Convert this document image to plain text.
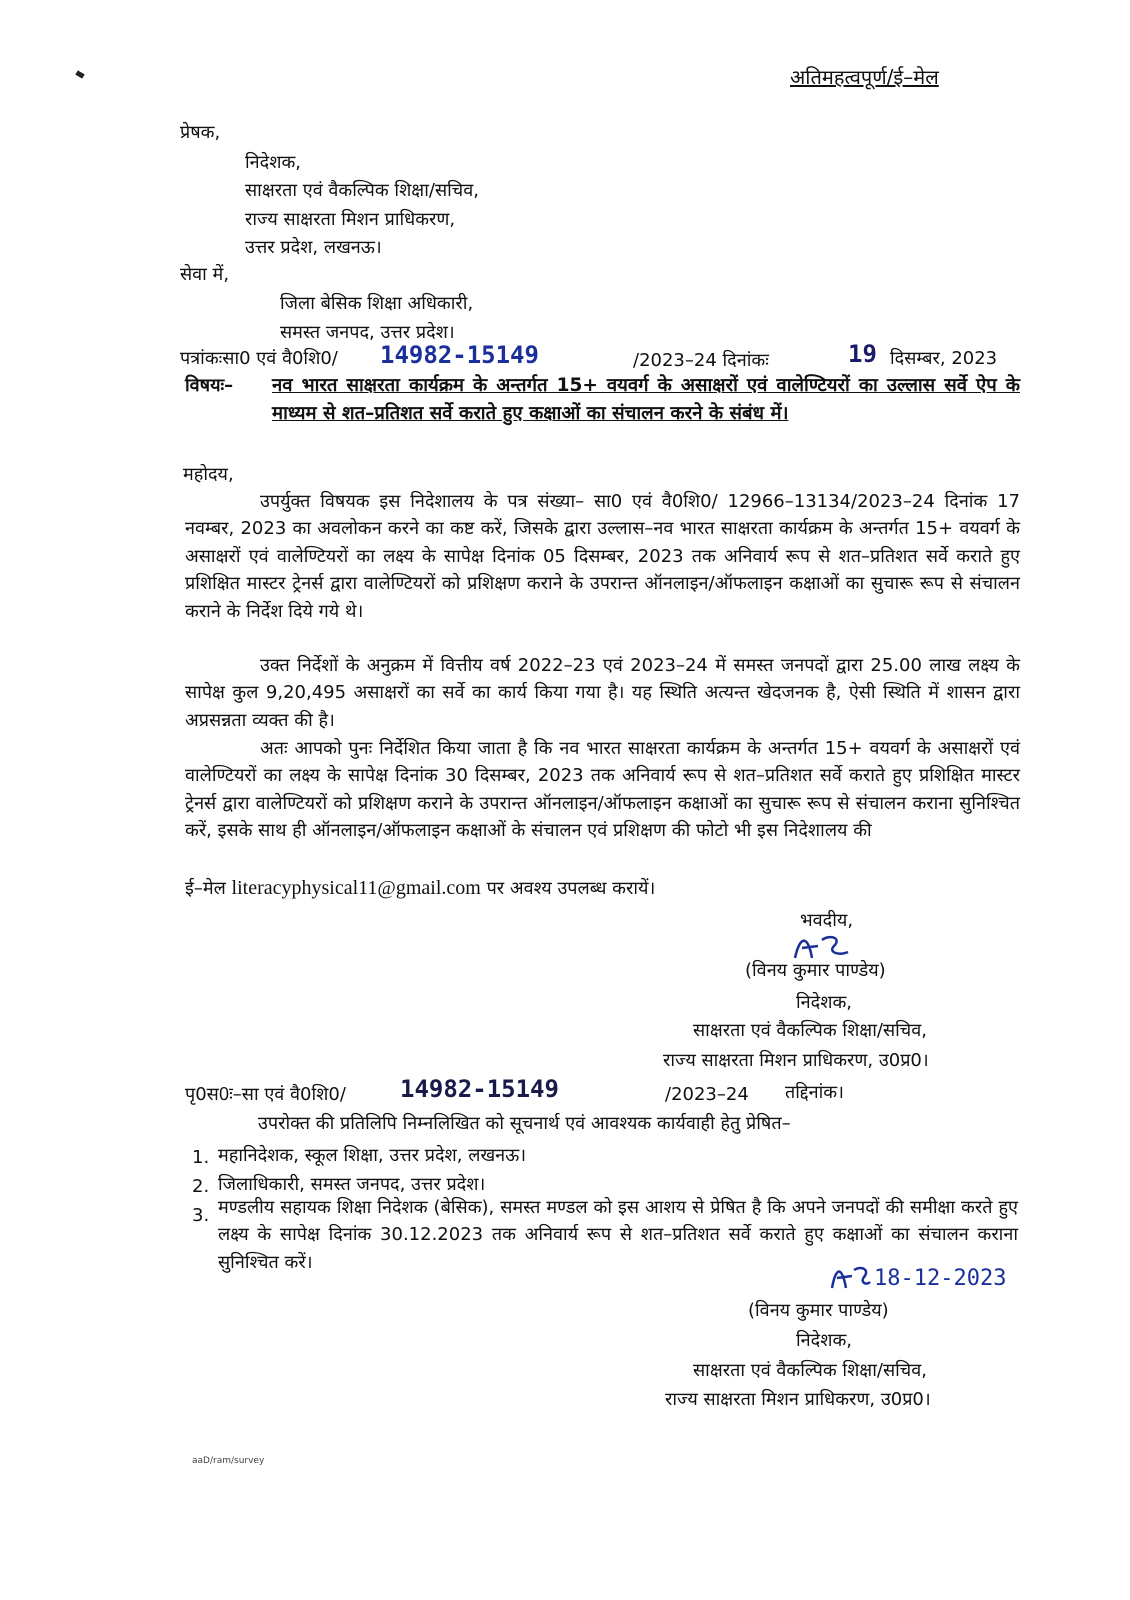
अतिमहत्वपूर्ण/ई–मेल
प्रेषक,
निदेशक,
साक्षरता एवं वैकल्पिक शिक्षा/सचिव,
राज्य साक्षरता मिशन प्राधिकरण,
उत्तर प्रदेश, लखनऊ।
सेवा में,
जिला बेसिक शिक्षा अधिकारी,
समस्त जनपद, उत्तर प्रदेश।
पत्रांकःसा0 एवं वै0शि0/ 14982-15149	/2023–24 दिनांकः	19 दिसम्बर, 2023
विषयः– नव भारत साक्षरता कार्यक्रम के अन्तर्गत 15+ वयवर्ग के असाक्षरों एवं वालेण्टियरों का उल्लास सर्वे ऐप के माध्यम से शत–प्रतिशत सर्वे कराते हुए कक्षाओं का संचालन करने के संबंध में।
महोदय,

उपर्युक्त विषयक इस निदेशालय के पत्र संख्या– सा0 एवं वै0शि0/ 12966–13134/2023–24 दिनांक 17 नवम्बर, 2023 का अवलोकन करने का कष्ट करें, जिसके द्वारा उल्लास–नव भारत साक्षरता कार्यक्रम के अन्तर्गत 15+ वयवर्ग के असाक्षरों एवं वालेण्टियरों का लक्ष्य के सापेक्ष दिनांक 05 दिसम्बर, 2023 तक अनिवार्य रूप से शत–प्रतिशत सर्वे कराते हुए प्रशिक्षित मास्टर ट्रेनर्स द्वारा वालेण्टियरों को प्रशिक्षण कराने के उपरान्त ऑनलाइन/ऑफलाइन कक्षाओं का सुचारू रूप से संचालन कराने के निर्देश दिये गये थे।

उक्त निर्देशों के अनुक्रम में वित्तीय वर्ष 2022–23 एवं 2023–24 में समस्त जनपदों द्वारा 25.00 लाख लक्ष्य के सापेक्ष कुल 9,20,495 असाक्षरों का सर्वे का कार्य किया गया है। यह स्थिति अत्यन्त खेदजनक है, ऐसी स्थिति में शासन द्वारा अप्रसन्नता व्यक्त की है।

अतः आपको पुनः निर्देशित किया जाता है कि नव भारत साक्षरता कार्यक्रम के अन्तर्गत 15+ वयवर्ग के असाक्षरों एवं वालेण्टियरों का लक्ष्य के सापेक्ष दिनांक 30 दिसम्बर, 2023 तक अनिवार्य रूप से शत–प्रतिशत सर्वे कराते हुए प्रशिक्षित मास्टर ट्रेनर्स द्वारा वालेण्टियरों को प्रशिक्षण कराने के उपरान्त ऑनलाइन/ऑफलाइन कक्षाओं का सुचारू रूप से संचालन कराना सुनिश्चित करें, इसके साथ ही ऑनलाइन/ऑफलाइन कक्षाओं के संचालन एवं प्रशिक्षण की फोटो भी इस निदेशालय की

ई–मेल literacyphysical11@gmail.com पर अवश्य उपलब्ध करायें।
भवदीय,
(विनय कुमार पाण्डेय)
निदेशक,
साक्षरता एवं वैकल्पिक शिक्षा/सचिव,
राज्य साक्षरता मिशन प्राधिकरण, उ0प्र0।
पृ0स0ः–सा एवं वै0शि0/ 14982-15149	/2023–24 तद्दिनांक।
उपरोक्त की प्रतिलिपि निम्नलिखित को सूचनार्थ एवं आवश्यक कार्यवाही हेतु प्रेषित–
1. महानिदेशक, स्कूल शिक्षा, उत्तर प्रदेश, लखनऊ।
2. जिलाधिकारी, समस्त जनपद, उत्तर प्रदेश।
3. मण्डलीय सहायक शिक्षा निदेशक (बेसिक), समस्त मण्डल को इस आशय से प्रेषित है कि अपने जनपदों की समीक्षा करते हुए लक्ष्य के सापेक्ष दिनांक 30.12.2023 तक अनिवार्य रूप से शत–प्रतिशत सर्वे कराते हुए कक्षाओं का संचालन कराना सुनिश्चित करें।

18-12-2023
(विनय कुमार पाण्डेय)
निदेशक,
साक्षरता एवं वैकल्पिक शिक्षा/सचिव,
राज्य साक्षरता मिशन प्राधिकरण, उ0प्र0।
aaD/ram/survey
